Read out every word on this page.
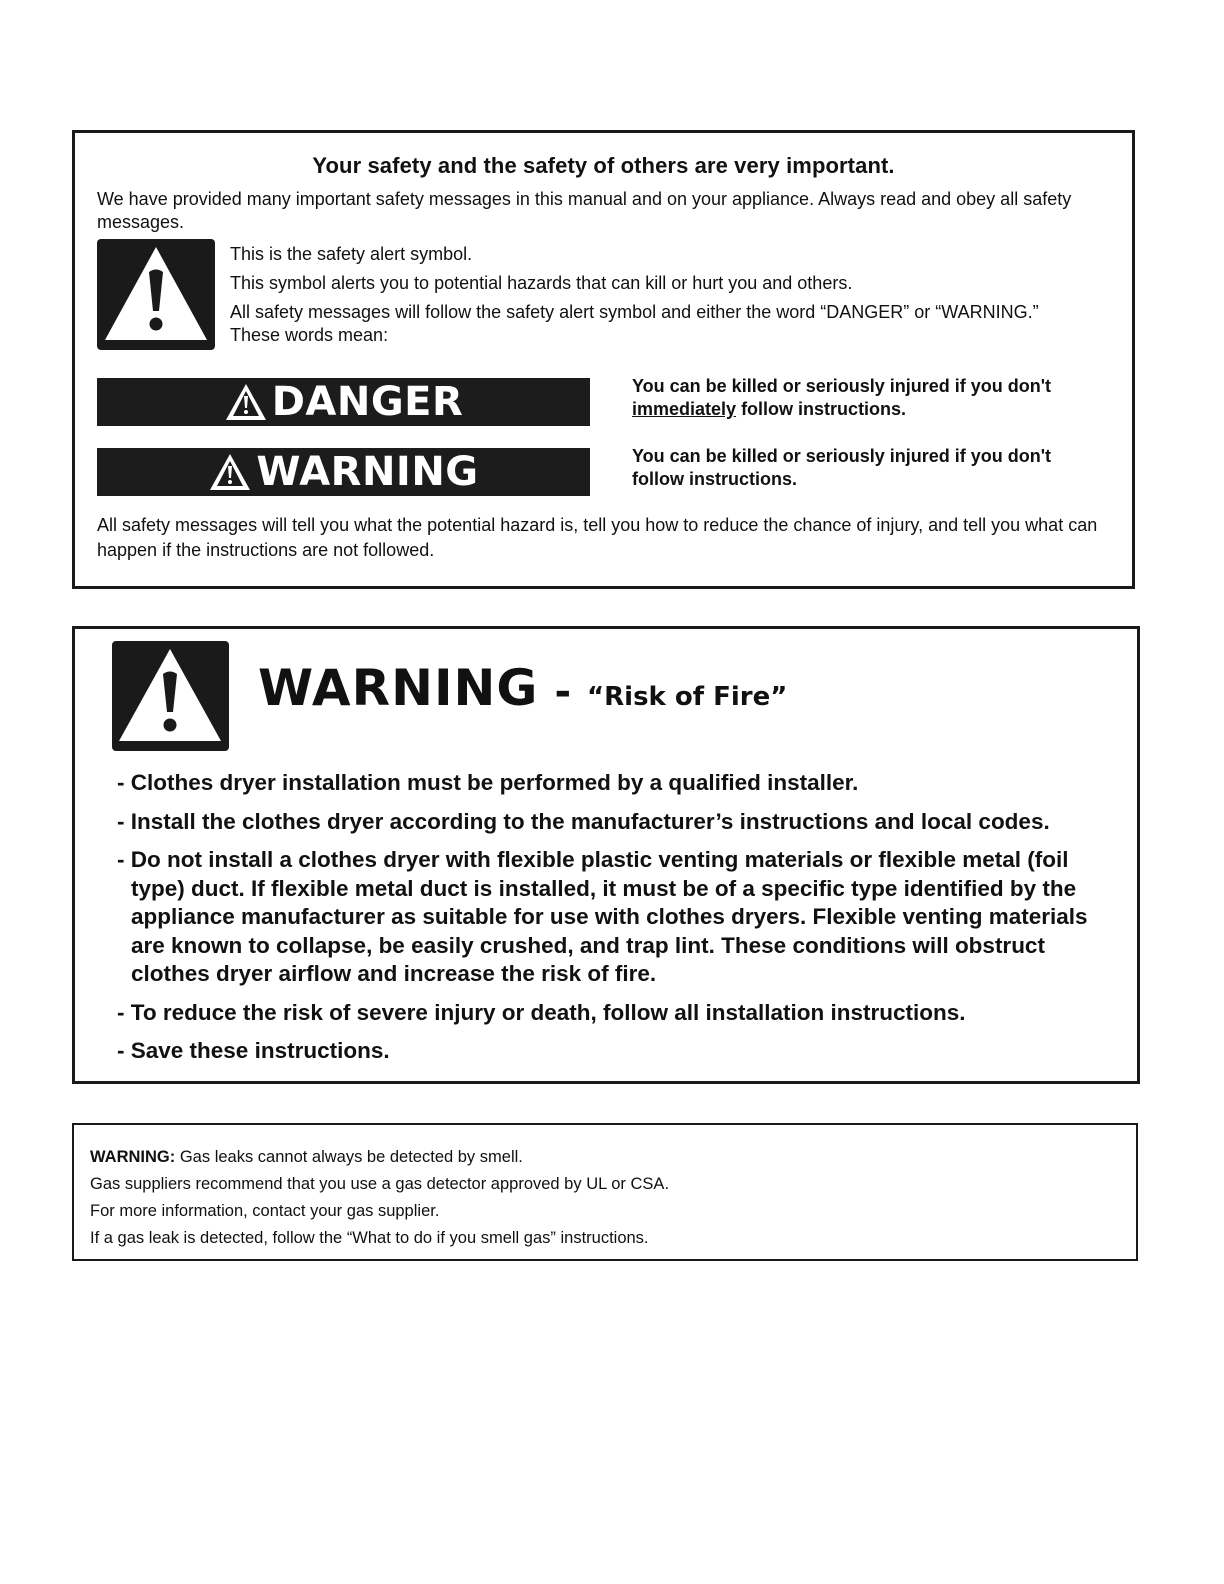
Your safety and the safety of others are very important.
We have provided many important safety messages in this manual and on your appliance. Always read and obey all safety messages.
This is the safety alert symbol.
This symbol alerts you to potential hazards that can kill or hurt you and others.
All safety messages will follow the safety alert symbol and either the word “DANGER” or “WARNING.” These words mean:
DANGER	You can be killed or seriously injured if you don't immediately follow instructions.
WARNING	You can be killed or seriously injured if you don't follow instructions.
All safety messages will tell you what the potential hazard is, tell you how to reduce the chance of injury, and tell you what can happen if the instructions are not followed.
WARNING - “Risk of Fire”
- Clothes dryer installation must be performed by a qualified installer.
- Install the clothes dryer according to the manufacturer’s instructions and local codes.
- Do not install a clothes dryer with flexible plastic venting materials or flexible metal (foil type) duct. If flexible metal duct is installed, it must be of a specific type identified by the appliance manufacturer as suitable for use with clothes dryers. Flexible venting materials are known to collapse, be easily crushed, and trap lint. These conditions will obstruct clothes dryer airflow and increase the risk of fire.
- To reduce the risk of severe injury or death, follow all installation instructions.
- Save these instructions.
WARNING: Gas leaks cannot always be detected by smell.
Gas suppliers recommend that you use a gas detector approved by UL or CSA.
For more information, contact your gas supplier.
If a gas leak is detected, follow the “What to do if you smell gas” instructions.
